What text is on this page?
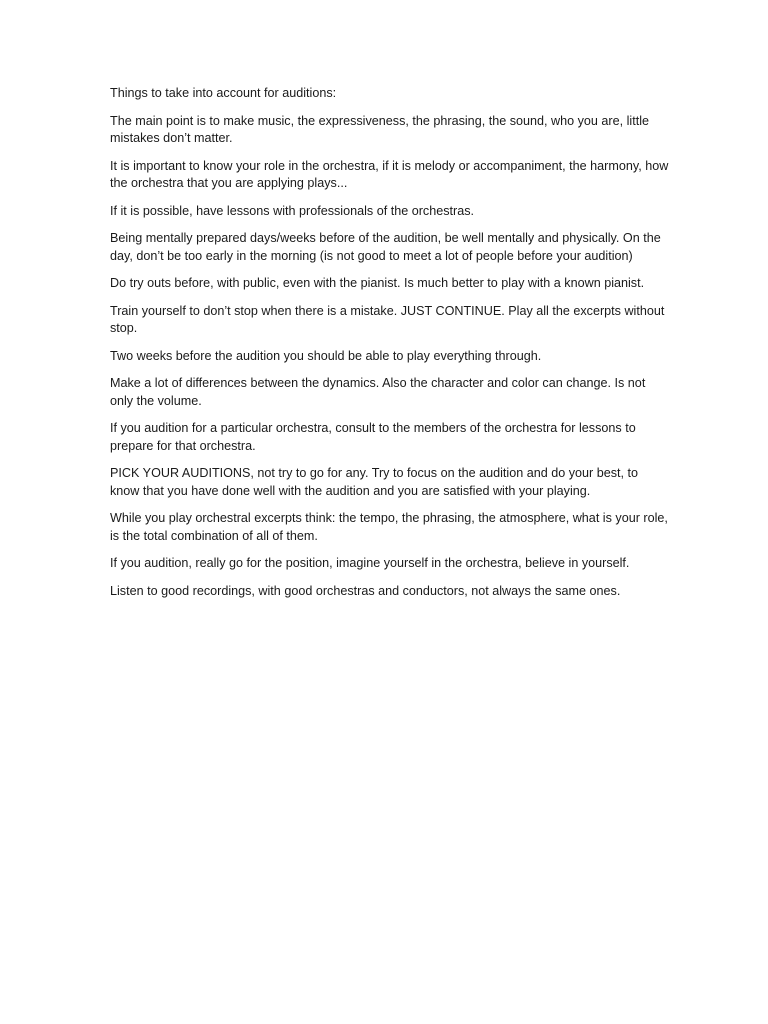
Things to take into account for auditions:

The main point is to make music, the expressiveness, the phrasing, the sound, who you are, little mistakes don’t matter.

It is important to know your role in the orchestra, if it is melody or accompaniment, the harmony, how the orchestra that you are applying plays...

If it is possible, have lessons with professionals of the orchestras.

Being mentally prepared days/weeks before of the audition, be well mentally and physically. On the day, don’t be too early in the morning (is not good to meet a lot of people before your audition)

Do try outs before, with public, even with the pianist. Is much better to play with a known pianist.

Train yourself to don’t stop when there is a mistake. JUST CONTINUE. Play all the excerpts without stop.

Two weeks before the audition you should be able to play everything through.

Make a lot of differences between the dynamics. Also the character and color can change. Is not only the volume.

If you audition for a particular orchestra, consult to the members of the orchestra for lessons to prepare for that orchestra.

PICK YOUR AUDITIONS, not try to go for any. Try to focus on the audition and do your best, to know that you have done well with the audition and you are satisfied with your playing.

While you play orchestral excerpts think: the tempo, the phrasing, the atmosphere, what is your role, is the total combination of all of them.

If you audition, really go for the position, imagine yourself in the orchestra, believe in yourself.

Listen to good recordings, with good orchestras and conductors, not always the same ones.
